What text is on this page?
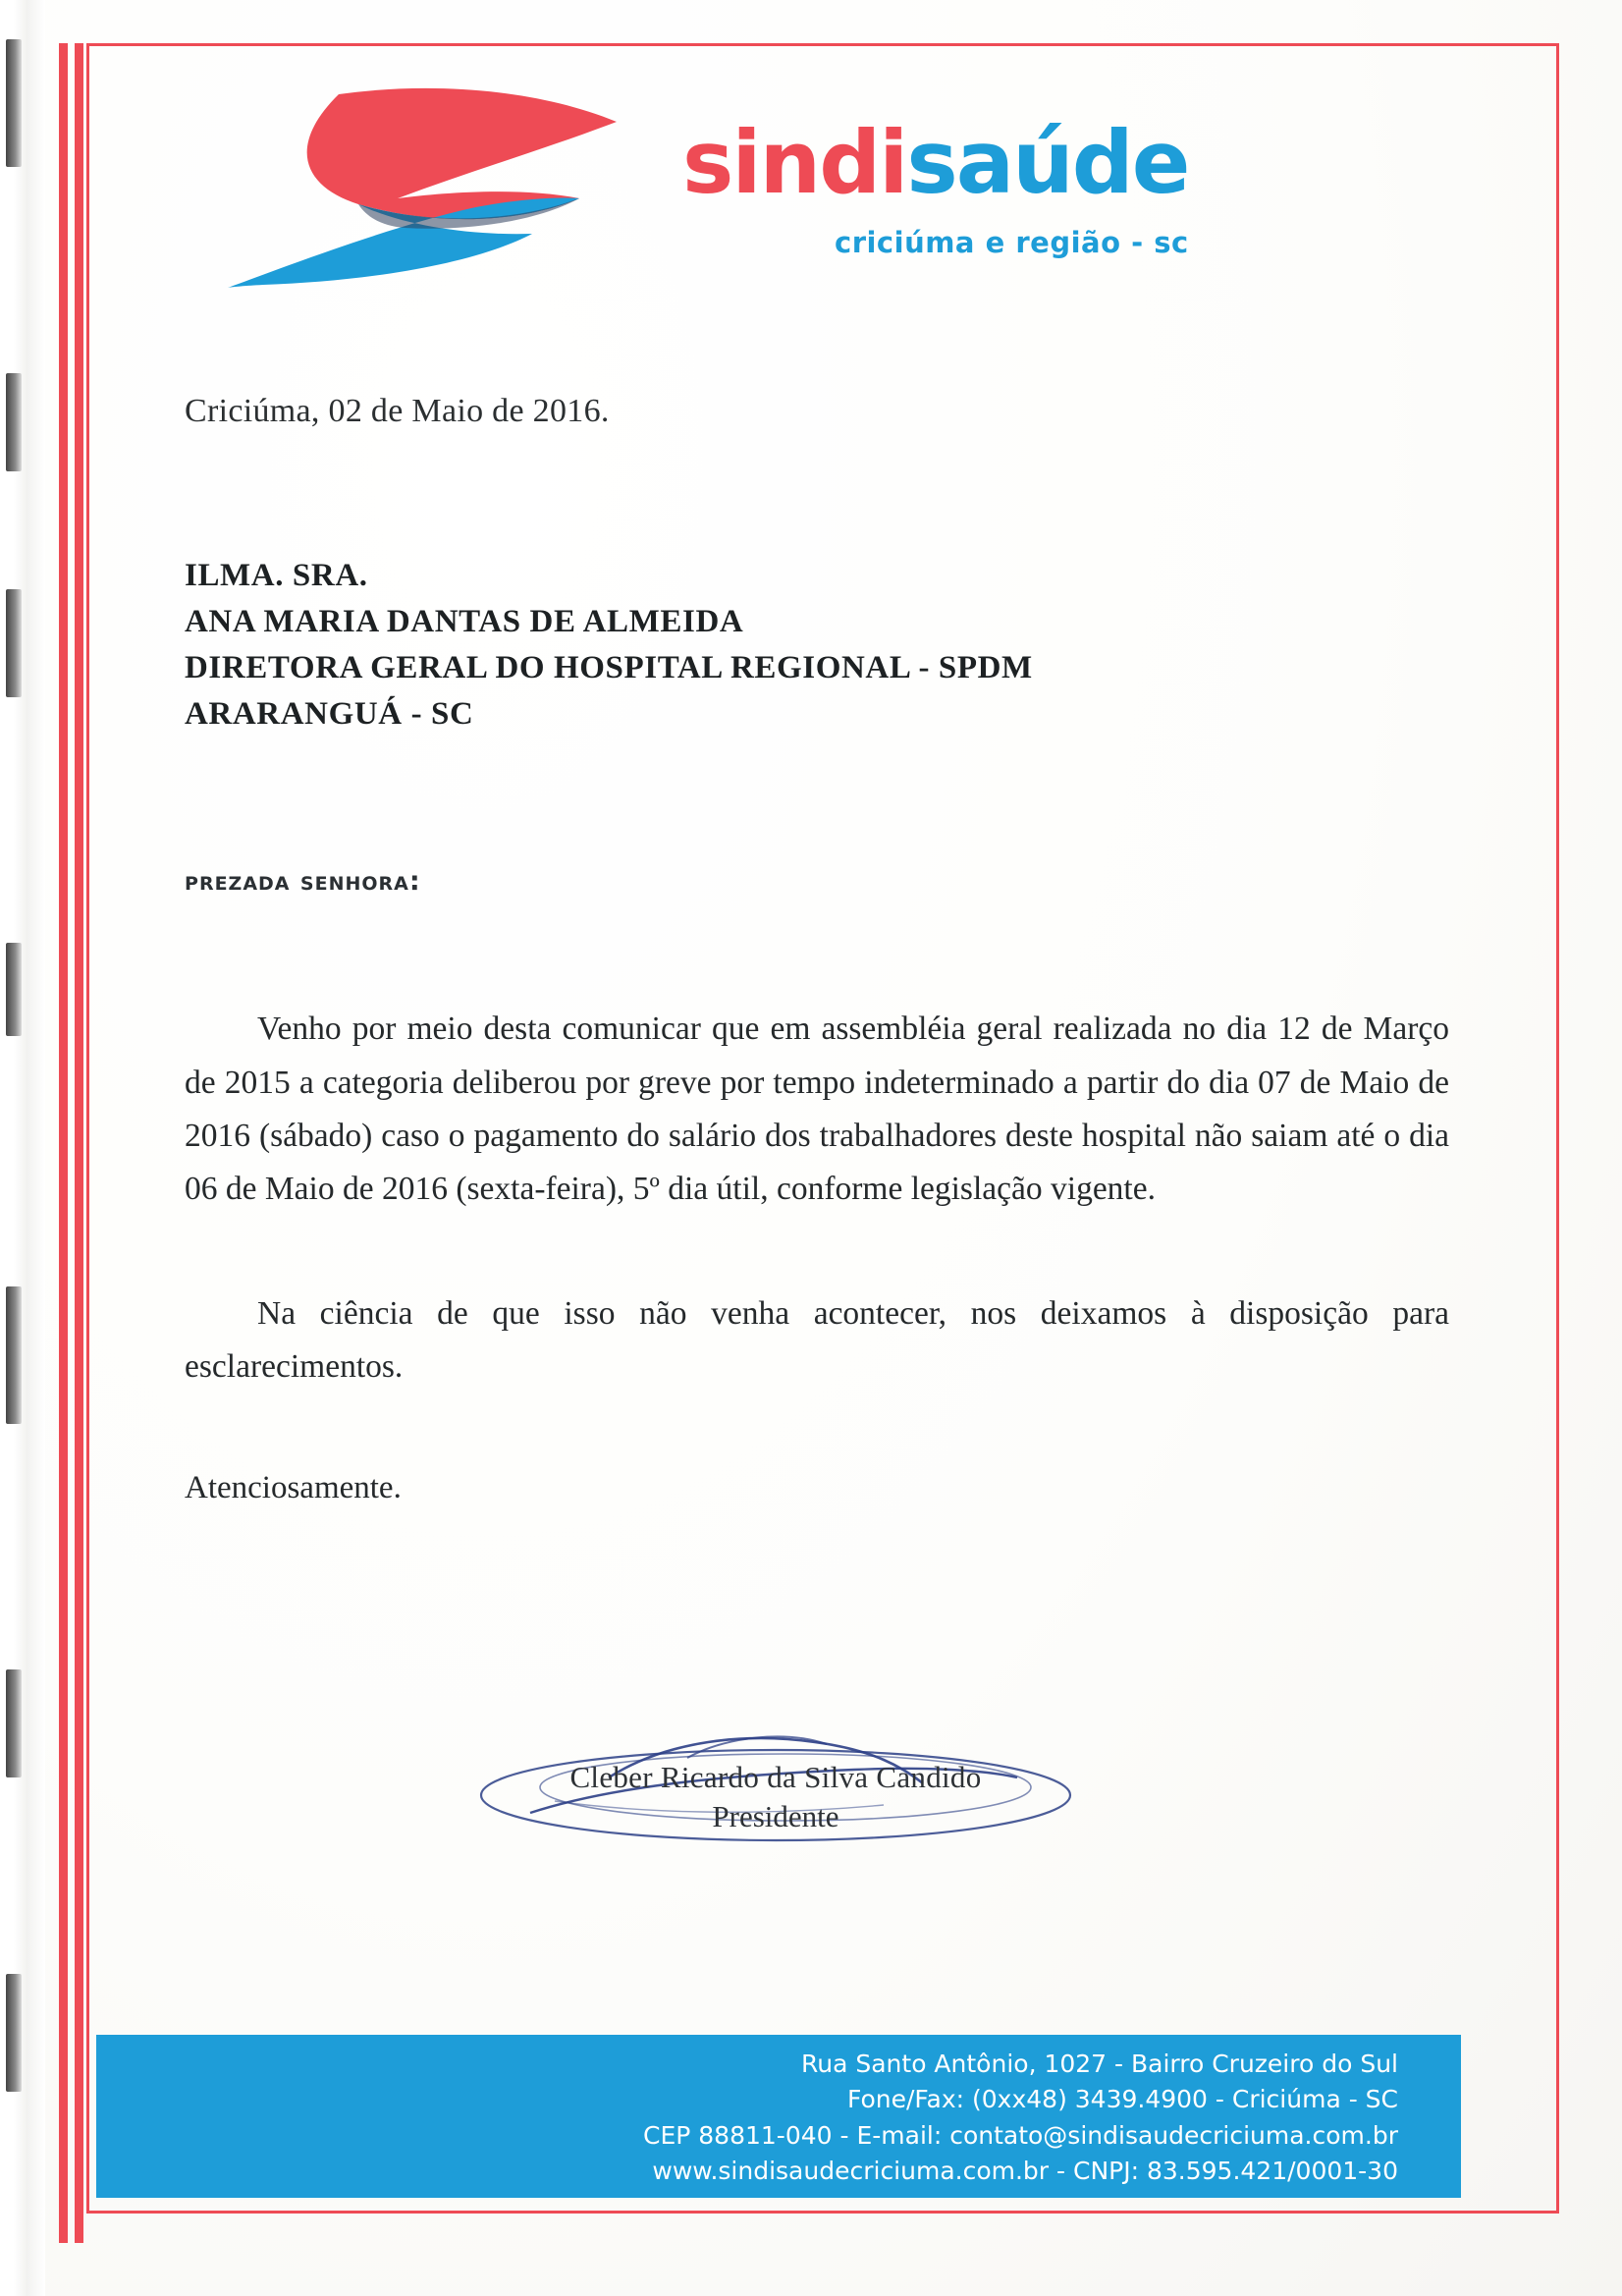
sindisaúde
criciúma e região - sc
Criciúma, 02 de Maio de 2016.
ILMA. SRA.
ANA MARIA DANTAS DE ALMEIDA
DIRETORA GERAL DO HOSPITAL REGIONAL - SPDM
ARARANGUÁ - SC
prezada senhora:
Venho por meio desta comunicar que em assembléia geral realizada no dia 12 de Março de 2015 a categoria deliberou por greve por tempo indeterminado a partir do dia 07 de Maio de 2016 (sábado) caso o pagamento do salário dos trabalhadores deste hospital não saiam até o dia 06 de Maio de 2016 (sexta-feira), 5º dia útil, conforme legislação vigente.
Na ciência de que isso não venha acontecer, nos deixamos à disposição para esclarecimentos.
Atenciosamente.
Cleber Ricardo da Silva Candido
Presidente
Rua Santo Antônio, 1027 - Bairro Cruzeiro do Sul
Fone/Fax: (0xx48) 3439.4900 - Criciúma - SC
CEP 88811-040 - E-mail: contato@sindisaudecriciuma.com.br
www.sindisaudecriciuma.com.br - CNPJ: 83.595.421/0001-30
